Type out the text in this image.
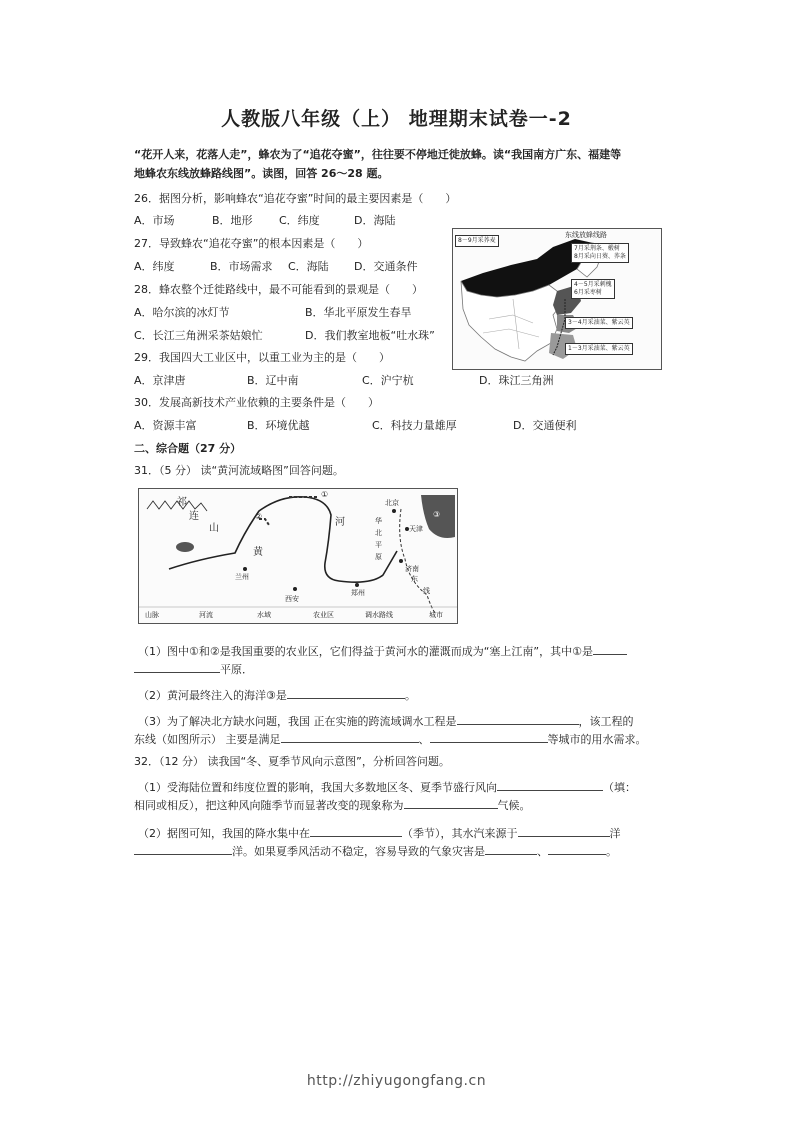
人教版八年级（上） 地理期末试卷一-2
“花开人来，花落人走”，蜂农为了“追花夺蜜”，往往要不停地迁徙放蜂。读“我国南方广东、福建等
地蜂农东线放蜂路线图”。读图，回答 26～28 题。
26．据图分析，影响蜂农“追花夺蜜”时间的最主要因素是（　　）
A．市场	B．地形 C．纬度	D．海陆
27．导致蜂农“追花夺蜜”的根本因素是（　　）
A．纬度	B．市场需求 C．海陆 D．交通条件
28．蜂农整个迁徙路线中，最不可能看到的景观是（　　）
A．哈尔滨的冰灯节	B．华北平原发生春旱
C．长江三角洲采茶姑娘忙	D．我们教室地板“吐水珠”
29．我国四大工业区中，以重工业为主的是（　　）
A．京津唐	B．辽中南	C．沪宁杭	D．珠江三角洲
30．发展高新技术产业依赖的主要条件是（　　）
A．资源丰富	B．环境优越	C．科技力量雄厚	D．交通便利
8－9月采荞麦
东线放蜂线路
7月采荆条、椴树
8月采向日葵、荞条
4－5月采刺槐
6月采枣树
3－4月采油菜、紫云英
1－3月采油菜、紫云英
二、综合题（27 分）
31．（5 分） 读“黄河流域略图”回答问题。
祁
连
山
河
黄
兰州
西安
郑州
北京
天津
济南
华
北
平
原
东
线
①
②	③
山脉	河流	水域	农业区	调水路线	城市
（1）图中①和②是我国重要的农业区，它们得益于黄河水的灌溉而成为“塞上江南”，其中①是
平原．
（2）黄河最终注入的海洋③是	。
（3）为了解决北方缺水问题，我国 正在实施的跨流域调水工程是	，该工程的
东线（如图所示） 主要是满足	、	等城市的用水需求。
32．（12 分） 读我国“冬、夏季节风向示意图”，分析回答问题。
（1）受海陆位置和纬度位置的影响，我国大多数地区冬、夏季节盛行风向	（填：
相同或相反），把这种风向随季节而显著改变的现象称为	气候。
（2）据图可知，我国的降水集中在	（季节），其水汽来源于	洋
洋。如果夏季风活动不稳定，容易导致的气象灾害是	、	。
http://zhiyugongfang.cn
